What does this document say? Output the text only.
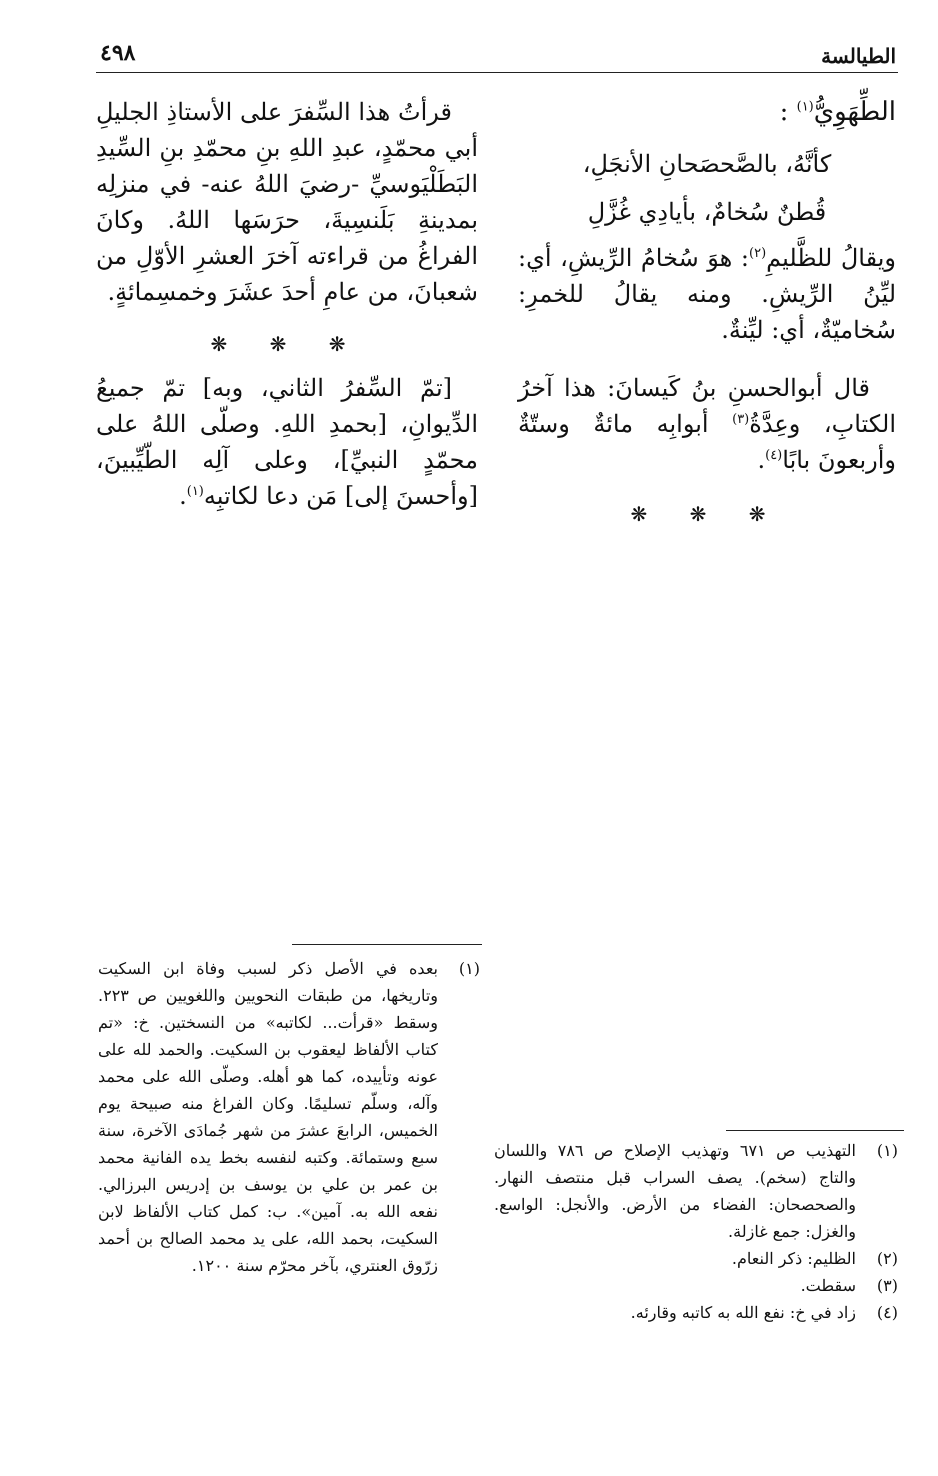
الطيالسة
٤٩٨

الطِّهَوِيُّ$^{(١)}$ :

كأنَّهُ، بالصَّحصَحانِ الأنجَلِ،

قُطنٌ سُخامٌ، بأيادِي غُزَّلِ

ويقالُ للظَّليمِ$^{(٢)}$: هوَ سُخامُ الرِّيشِ، أي: ليِّنُ الرِّيشِ. ومنه يقالُ للخمرِ: سُخاميّةٌ، أي: ليِّنةٌ.

قال أبوالحسنِ بنُ كَيسانَ: هذا آخرُ الكتابِ، وعِدَّةُ$^{(٣)}$ أبوابِه مائةٌ وستّةٌ وأربعونَ بابًا$^{(٤)}$.

❋ ❋ ❋

قرأتُ هذا السِّفرَ على الأستاذِ الجليلِ أبي محمّدٍ، عبدِ اللهِ بنِ محمّدِ بنِ السِّيدِ البَطَلْيَوسيِّ -رضيَ اللهُ عنه- في منزلِه بمدينةِ بَلَنسِيةَ، حرَسَها اللهُ. وكانَ الفراغُ من قراءته آخرَ العشرِ الأوّلِ من شعبانَ، من عامِ أحدَ عشَرَ وخمسِمائةٍ.

❋ ❋ ❋

[تمّ السِّفرُ الثاني، وبه] تمّ جميعُ الدِّيوانِ، [بحمدِ اللهِ. وصلّى اللهُ على محمّدٍ النبيِّ]، وعلى آلِه الطّيِّبينَ، [وأحسنَ إلى] مَن دعا لكاتبِه$^{(١)}$.

(١)
بعده في الأصل ذكر لسبب وفاة ابن السكيت وتاريخها، من طبقات النحويين واللغويين ص ٢٢٣. وسقط «قرأت... لكاتبه» من النسختين. خ: «تم كتاب الألفاظ ليعقوب بن السكيت. والحمد لله على عونه وتأييده، كما هو أهله. وصلّى الله على محمد وآله، وسلّم تسليمًا. وكان الفراغ منه صبيحة يوم الخميس، الرابعَ عشرَ من شهر جُمادَى الآخرة، سنة سبع وستمائة. وكتبه لنفسه بخط يده الفانية محمد بن عمر بن علي بن يوسف بن إدريس البرزالي. نفعه الله به. آمين». ب: كمل كتاب الألفاظ لابن السكيت، بحمد الله، على يد محمد الصالح بن أحمد زرّوق العنتري، بآخر محرّم سنة ١٢٠٠.
(١)
التهذيب ص ٦٧١ وتهذيب الإصلاح ص ٧٨٦ واللسان والتاج (سخم). يصف السراب قبل منتصف النهار. والصحصحان: الفضاء من الأرض. والأنجل: الواسع. والغزل: جمع غازلة.
(٢)
الظليم: ذكر النعام.
(٣)
سقطت.
(٤)
زاد في خ: نفع الله به كاتبه وقارئه.
